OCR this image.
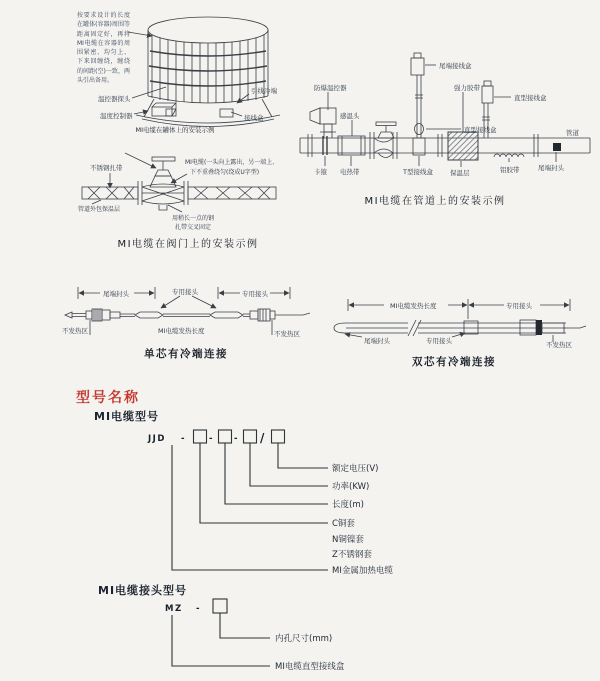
按要求设计的长度在罐体(容器)周围等距离固定好，再将MI电缆在容器的周围紧密、均匀上、下来回缠绕，缠绕的间距(空)一致，两头引出备用。
温控器探头
温度控制器
引线冷端
接线盒
MI电缆在罐体上的安装示例
防爆温控器
感温头
尾端接线盒
强力胶带
直型接线盒
直型接线盒
管道
卡箍 电热带	T型接线盒	保温层	铝胶带	尾端封头
MI电缆在管道上的安装示例
不锈钢扎带
MI电缆(一头向上露出，另一端上、
下不重叠绕匀(绕成U字型)
管道外包保温层
用稍长一点的钢
扎带交叉固定
MI电缆在阀门上的安装示例
尾端封头	专用接头	专用接头
不发热区	MI电缆发热长度	不发热区
单芯有冷端连接
MI电缆发热长度	专用接头
尾端封头	专用接头	不发热区
双芯有冷端连接
型号名称
MI电缆型号
JJD -	- - /
额定电压(V)
功率(KW)
长度(m)
C铜套
N铜镍套
Z不锈钢套
MI金属加热电缆
MI电缆接头型号
MZ -
内孔尺寸(mm)
MI电缆直型接线盒
